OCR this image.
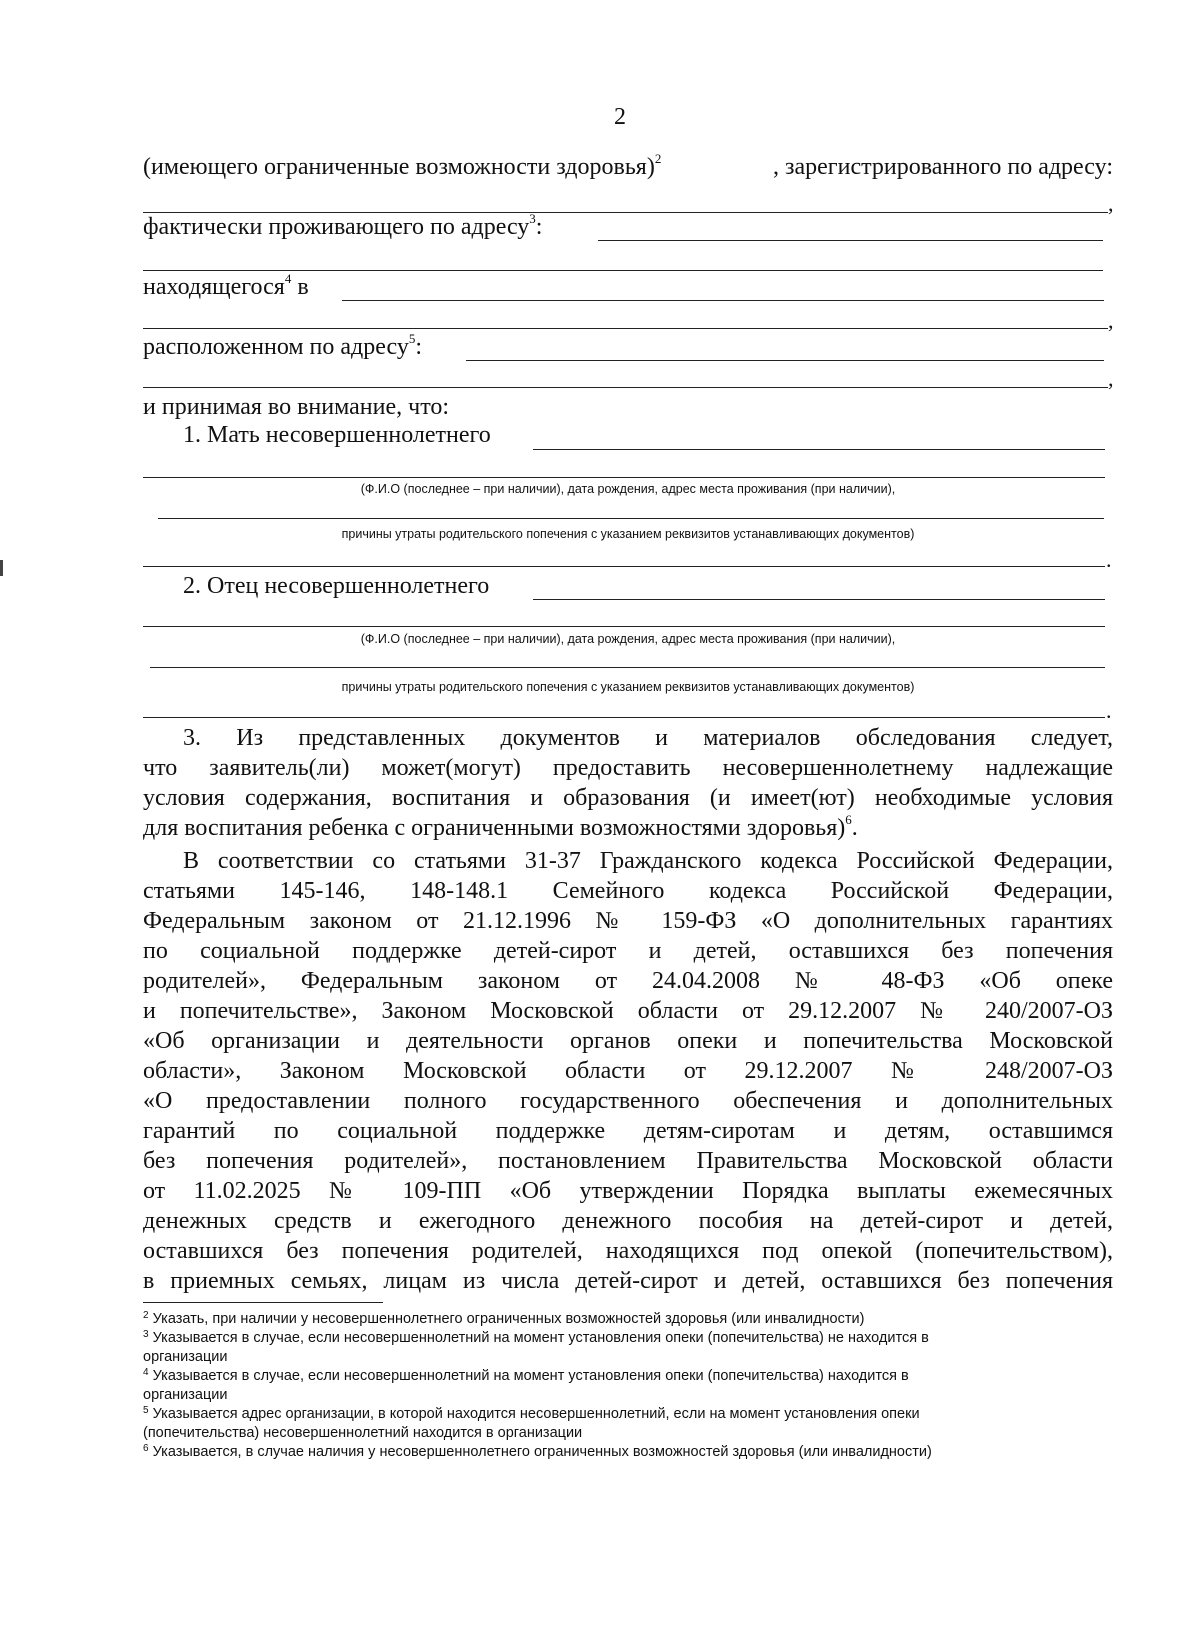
2
(имеющего ограниченные возможности здоровья)$^2$	, зарегистрированного по адресу:
,
фактически проживающего по адресу$^3$:
находящегося$^4$ в
,
расположенном по адресу$^5$:
,
и принимая во внимание, что:
1. Мать несовершеннолетнего
(Ф.И.О (последнее – при наличии), дата рождения, адрес места проживания (при наличии),
причины утраты родительского попечения с указанием реквизитов устанавливающих документов)
.
2. Отец несовершеннолетнего
(Ф.И.О (последнее – при наличии), дата рождения, адрес места проживания (при наличии),
причины утраты родительского попечения с указанием реквизитов устанавливающих документов)
.
3. Из представленных документов и материалов обследования следует,
что заявитель(ли) может(могут) предоставить несовершеннолетнему надлежащие
условия содержания, воспитания и образования (и имеет(ют) необходимые условия
для воспитания ребенка с ограниченными возможностями здоровья)$^6$.
В соответствии со статьями 31-37 Гражданского кодекса Российской Федерации,
статьями 145-146, 148-148.1 Семейного кодекса Российской Федерации,
Федеральным законом от 21.12.1996 № 159-ФЗ «О дополнительных гарантиях
по социальной поддержке детей-сирот и детей, оставшихся без попечения
родителей», Федеральным законом от 24.04.2008 № 48-ФЗ «Об опеке
и попечительстве», Законом Московской области от 29.12.2007 № 240/2007-ОЗ
«Об организации и деятельности органов опеки и попечительства Московской
области», Законом Московской области от 29.12.2007 № 248/2007-ОЗ
«О предоставлении полного государственного обеспечения и дополнительных
гарантий по социальной поддержке детям-сиротам и детям, оставшимся
без попечения родителей», постановлением Правительства Московской области
от 11.02.2025 № 109-ПП «Об утверждении Порядка выплаты ежемесячных
денежных средств и ежегодного денежного пособия на детей-сирот и детей,
оставшихся без попечения родителей, находящихся под опекой (попечительством),
в приемных семьях, лицам из числа детей-сирот и детей, оставшихся без попечения
$^2$ Указать, при наличии у несовершеннолетнего ограниченных возможностей здоровья (или инвалидности)
$^3$ Указывается в случае, если несовершеннолетний на момент установления опеки (попечительства) не находится в
организации
$^4$ Указывается в случае, если несовершеннолетний на момент установления опеки (попечительства) находится в
организации
$^5$ Указывается адрес организации, в которой находится несовершеннолетний, если на момент установления опеки
(попечительства) несовершеннолетний находится в организации
$^6$ Указывается, в случае наличия у несовершеннолетнего ограниченных возможностей здоровья (или инвалидности)
